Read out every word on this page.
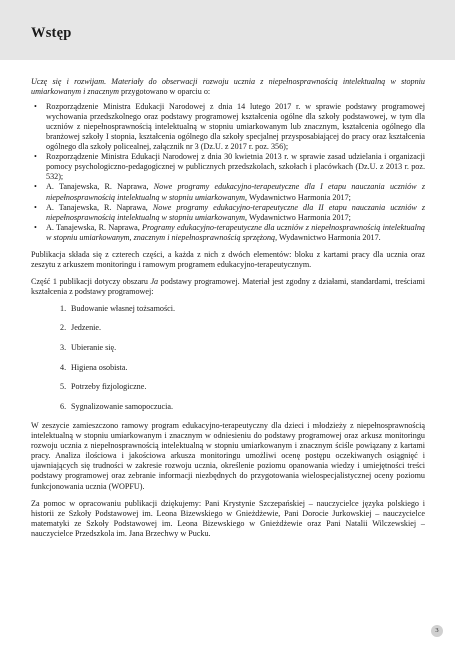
Wstęp

Uczę się i rozwijam. Materiały do obserwacji rozwoju ucznia z niepełnosprawnością intelektualną w stopniu umiarkowanym i znacznym przygotowano w oparciu o:

• Rozporządzenie Ministra Edukacji Narodowej z dnia 14 lutego 2017 r. w sprawie podstawy programowej wychowania przedszkolnego oraz podstawy programowej kształcenia ogólne dla szkoły podstawowej, w tym dla uczniów z niepełnosprawnością intelektualną w stopniu umiarkowanym lub znacznym, kształcenia ogólnego dla branżowej szkoły I stopnia, kształcenia ogólnego dla szkoły specjalnej przysposabiającej do pracy oraz kształcenia ogólnego dla szkoły policealnej, załącznik nr 3 (Dz.U. z 2017 r. poz. 356);
• Rozporządzenie Ministra Edukacji Narodowej z dnia 30 kwietnia 2013 r. w sprawie zasad udzielania i organizacji pomocy psychologiczno-pedagogicznej w publicznych przedszkolach, szkołach i placówkach (Dz.U. z 2013 r. poz. 532);
• A. Tanajewska, R. Naprawa, Nowe programy edukacyjno-terapeutyczne dla I etapu nauczania uczniów z niepełnosprawnością intelektualną w stopniu umiarkowanym, Wydawnictwo Harmonia 2017;
• A. Tanajewska, R. Naprawa, Nowe programy edukacyjno-terapeutyczne dla II etapu nauczania uczniów z niepełnosprawnością intelektualną w stopniu umiarkowanym, Wydawnictwo Harmonia 2017;
• A. Tanajewska, R. Naprawa, Programy edukacyjno-terapeutyczne dla uczniów z niepełnosprawnością intelektualną w stopniu umiarkowanym, znacznym i niepełnosprawnością sprzężoną, Wydawnictwo Harmonia 2017.

Publikacja składa się z czterech części, a każda z nich z dwóch elementów: bloku z kartami pracy dla ucznia oraz zeszytu z arkuszem monitoringu i ramowym programem edukacyjno-terapeutycznym.

Część 1 publikacji dotyczy obszaru Ja podstawy programowej. Materiał jest zgodny z działami, standardami, treściami kształcenia z podstawy programowej:

1. Budowanie własnej tożsamości.
2. Jedzenie.
3. Ubieranie się.
4. Higiena osobista.
5. Potrzeby fizjologiczne.
6. Sygnalizowanie samopoczucia.

W zeszycie zamieszczono ramowy program edukacyjno-terapeutyczny dla dzieci i młodzieży z niepełnosprawnością intelektualną w stopniu umiarkowanym i znacznym w odniesieniu do podstawy programowej oraz arkusz monitoringu rozwoju ucznia z niepełnosprawnością intelektualną w stopniu umiarkowanym i znacznym ściśle powiązany z kartami pracy. Analiza ilościowa i jakościowa arkusza monitoringu umożliwi ocenę postępu oczekiwanych osiągnięć i ujawniających się trudności w zakresie rozwoju ucznia, określenie poziomu opanowania wiedzy i umiejętności treści podstawy programowej oraz zebranie informacji niezbędnych do przygotowania wielospecjalistycznej oceny poziomu funkcjonowania ucznia (WOPFU).

Za pomoc w opracowaniu publikacji dziękujemy: Pani Krystynie Szczepańskiej – nauczycielce języka polskiego i historii ze Szkoły Podstawowej im. Leona Bizewskiego w Gnieżdżewie, Pani Dorocie Jurkowskiej – nauczycielce matematyki ze Szkoły Podstawowej im. Leona Bizewskiego w Gnieżdżewie oraz Pani Natalii Wilczewskiej – nauczycielce Przedszkola im. Jana Brzechwy w Pucku.

3
